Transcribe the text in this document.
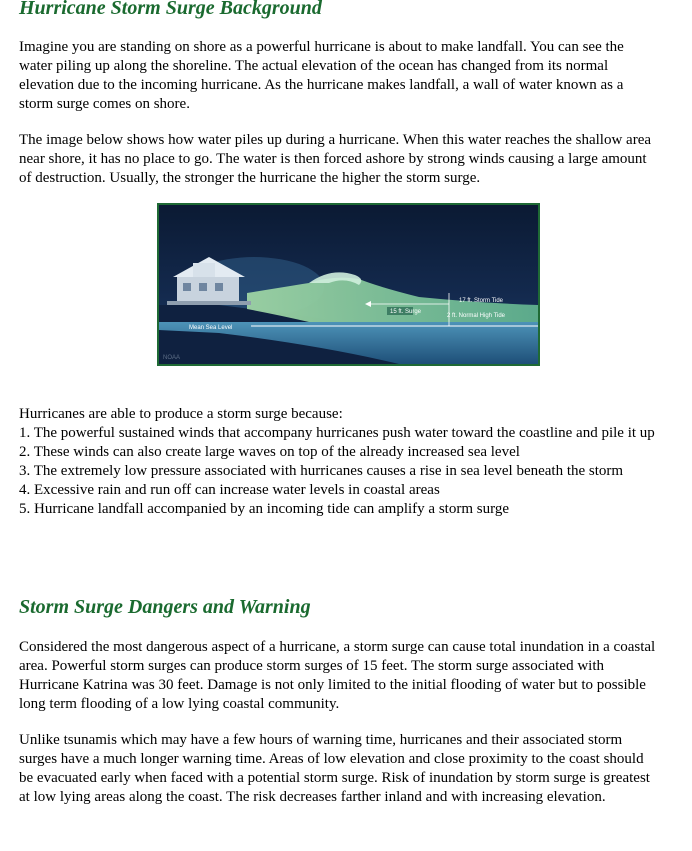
Hurricane Storm Surge Background

Imagine you are standing on shore as a powerful hurricane is about to make landfall. You can see the water piling up along the shoreline. The actual elevation of the ocean has changed from its normal elevation due to the incoming hurricane. As the hurricane makes landfall, a wall of water known as a storm surge comes on shore.

The image below shows how water piles up during a hurricane. When this water reaches the shallow area near shore, it has no place to go. The water is then forced ashore by strong winds causing a large amount of destruction. Usually, the stronger the hurricane the higher the storm surge.

Mean Sea Level
15 ft. Surge
17 ft. Storm Tide
2 ft. Normal High Tide
NOAA

Hurricanes are able to produce a storm surge because:

1. The powerful sustained winds that accompany hurricanes push water toward the coastline and pile it up
2. These winds can also create large waves on top of the already increased sea level
3. The extremely low pressure associated with hurricanes causes a rise in sea level beneath the storm
4. Excessive rain and run off can increase water levels in coastal areas
5. Hurricane landfall accompanied by an incoming tide can amplify a storm surge
Storm Surge Dangers and Warning

Considered the most dangerous aspect of a hurricane, a storm surge can cause total inundation in a coastal area. Powerful storm surges can produce storm surges of 15 feet. The storm surge associated with Hurricane Katrina was 30 feet. Damage is not only limited to the initial flooding of water but to possible long term flooding of a low lying coastal community.

Unlike tsunamis which may have a few hours of warning time, hurricanes and their associated storm surges have a much longer warning time. Areas of low elevation and close proximity to the coast should be evacuated early when faced with a potential storm surge. Risk of inundation by storm surge is greatest at low lying areas along the coast. The risk decreases farther inland and with increasing elevation.
